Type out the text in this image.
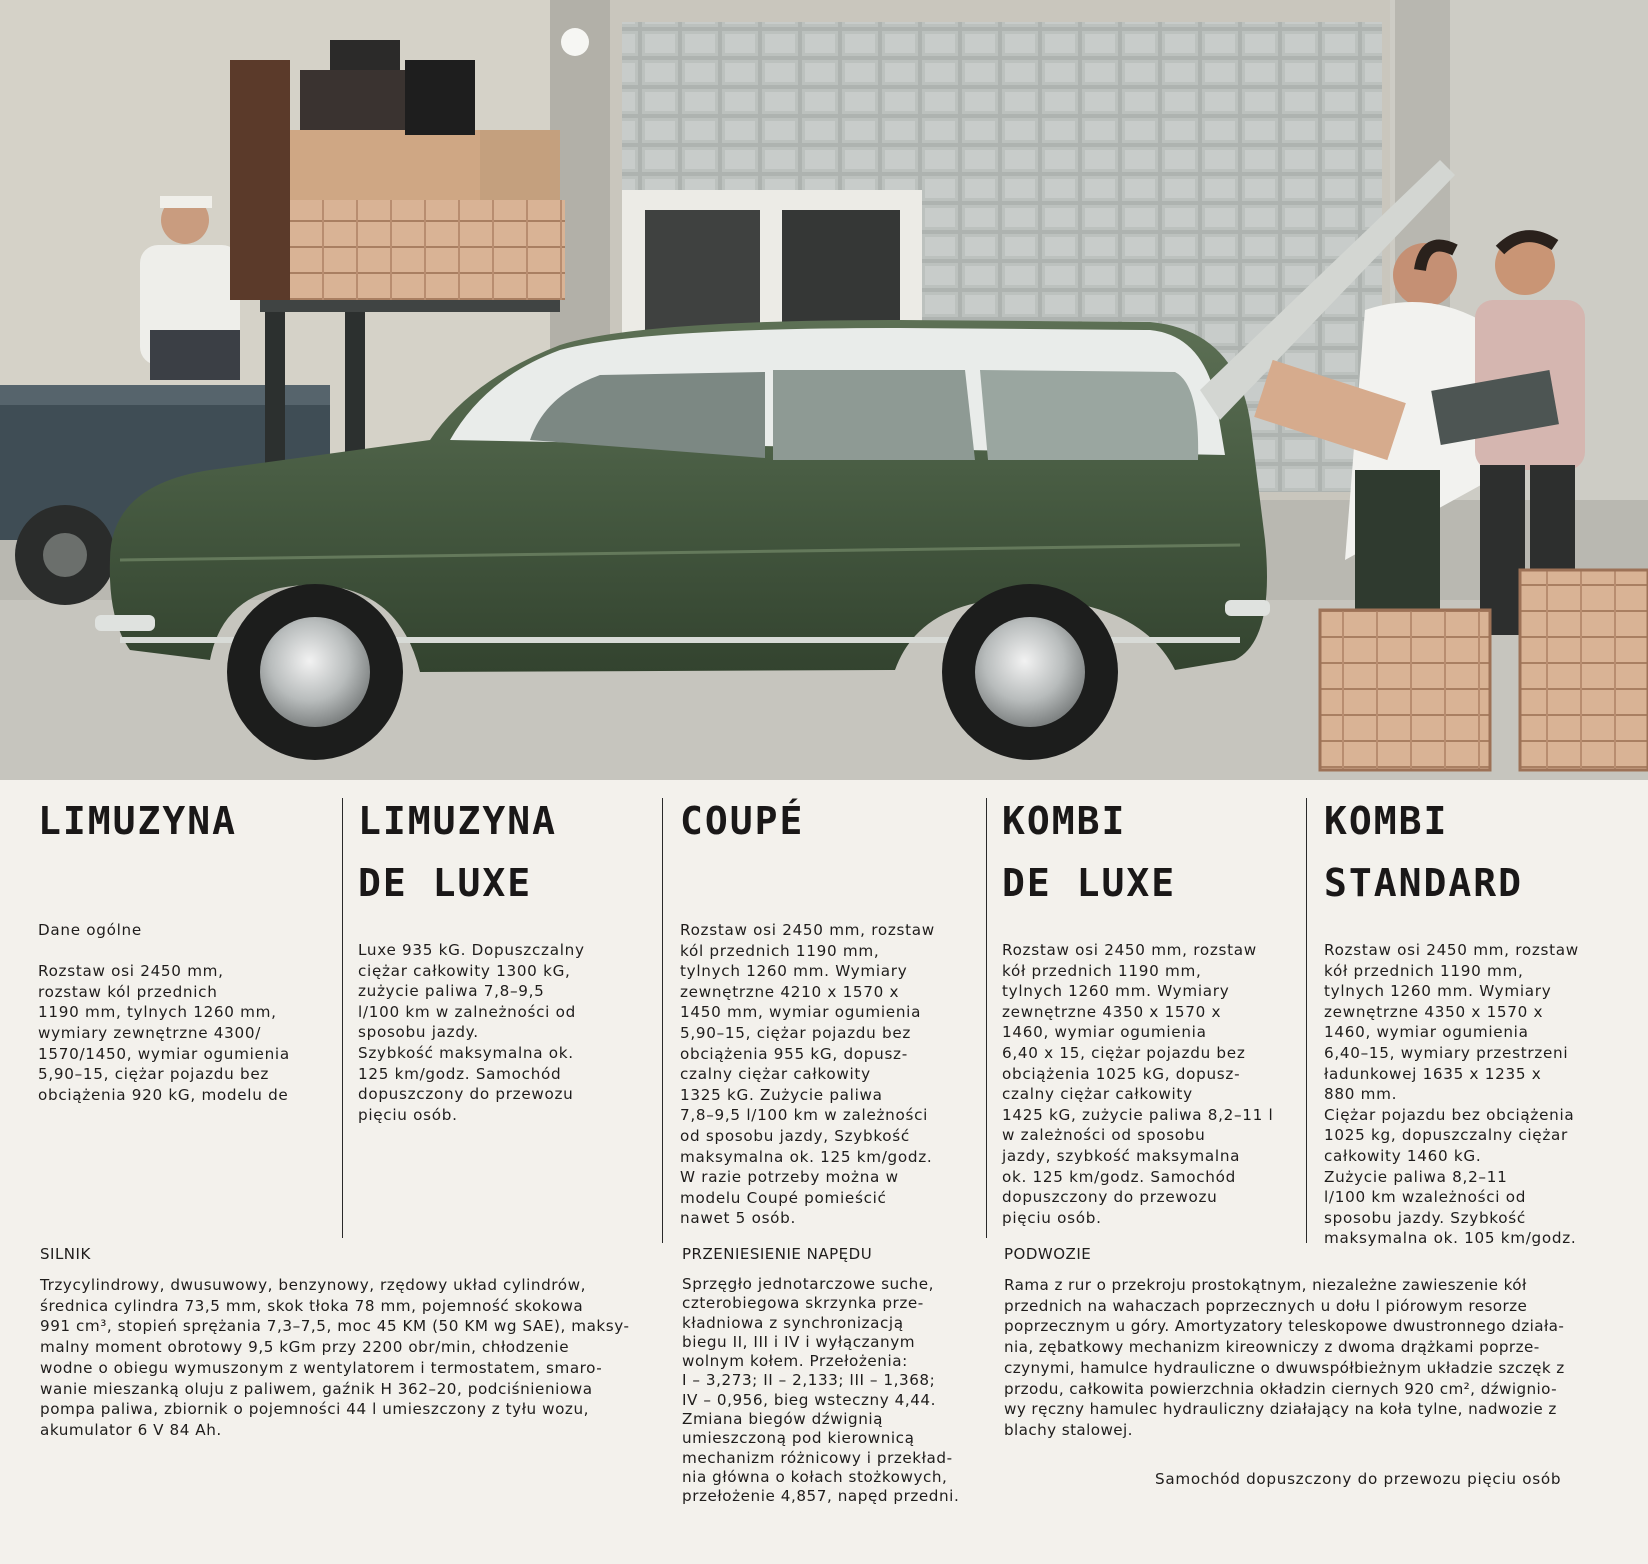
LIMUZYNA

Dane ogólne

Rozstaw osi 2450 mm,
rozstaw kól przednich
1190 mm, tylnych 1260 mm,
wymiary zewnętrzne 4300/
1570/1450, wymiar ogumienia
5,90–15, ciężar pojazdu bez
obciążenia 920 kG, modelu de

LIMUZYNA
DE LUXE

Luxe 935 kG. Dopuszczalny
ciężar całkowity 1300 kG,
zużycie paliwa 7,8–9,5
l/100 km w zalneżności od
sposobu jazdy.
Szybkość maksymalna ok.
125 km/godz. Samochód
dopuszczony do przewozu
pięciu osób.

COUPÉ

Rozstaw osi 2450 mm, rozstaw
kól przednich 1190 mm,
tylnych 1260 mm. Wymiary
zewnętrzne 4210 x 1570 x
1450 mm, wymiar ogumienia
5,90–15, ciężar pojazdu bez
obciążenia 955 kG, dopusz-
czalny ciężar całkowity
1325 kG. Zużycie paliwa
7,8–9,5 l/100 km w zależności
od sposobu jazdy, Szybkość
maksymalna ok. 125 km/godz.
W razie potrzeby można w
modelu Coupé pomieścić
nawet 5 osób.

KOMBI
DE LUXE

Rozstaw osi 2450 mm, rozstaw
kół przednich 1190 mm,
tylnych 1260 mm. Wymiary
zewnętrzne 4350 x 1570 x
1460, wymiar ogumienia
6,40 x 15, ciężar pojazdu bez
obciążenia 1025 kG, dopusz-
czalny ciężar całkowity
1425 kG, zużycie paliwa 8,2–11 l
w zależności od sposobu
jazdy, szybkość maksymalna
ok. 125 km/godz. Samochód
dopuszczony do przewozu
pięciu osób.

KOMBI
STANDARD

Rozstaw osi 2450 mm, rozstaw
kół przednich 1190 mm,
tylnych 1260 mm. Wymiary
zewnętrzne 4350 x 1570 x
1460, wymiar ogumienia
6,40–15, wymiary przestrzeni
ładunkowej 1635 x 1235 x
880 mm.
Ciężar pojazdu bez obciążenia
1025 kg, dopuszczalny ciężar
całkowity 1460 kG.
Zużycie paliwa 8,2–11
l/100 km wzależności od
sposobu jazdy. Szybkość
maksymalna ok. 105 km/godz.

SILNIK

Trzycylindrowy, dwusuwowy, benzynowy, rzędowy układ cylindrów,
średnica cylindra 73,5 mm, skok tłoka 78 mm, pojemność skokowa
991 cm³, stopień sprężania 7,3–7,5, moc 45 KM (50 KM wg SAE), maksy-
malny moment obrotowy 9,5 kGm przy 2200 obr/min, chłodzenie
wodne o obiegu wymuszonym z wentylatorem i termostatem, smaro-
wanie mieszanką oluju z paliwem, gaźnik H 362–20, podciśnieniowa
pompa paliwa, zbiornik o pojemności 44 l umieszczony z tyłu wozu,
akumulator 6 V 84 Ah.

PRZENIESIENIE NAPĘDU

Sprzęgło jednotarczowe suche,
czterobiegowa skrzynka prze-
kładniowa z synchronizacją
biegu II, III i IV i wyłączanym
wolnym kołem. Przełożenia:
I – 3,273; II – 2,133; III – 1,368;
IV – 0,956, bieg wsteczny 4,44.
Zmiana biegów dźwignią
umieszczoną pod kierownicą
mechanizm różnicowy i przekład-
nia główna o kołach stożkowych,
przełożenie 4,857, napęd przedni.

PODWOZIE

Rama z rur o przekroju prostokątnym, niezależne zawieszenie kół
przednich na wahaczach poprzecznych u dołu l piórowym resorze
poprzecznym u góry. Amortyzatory teleskopowe dwustronnego działa-
nia, zębatkowy mechanizm kireowniczy z dwoma drążkami poprze-
czynymi, hamulce hydrauliczne o dwuwspółbieżnym układzie szczęk z
przodu, całkowita powierzchnia okładzin ciernych 920 cm², dźwignio-
wy ręczny hamulec hydrauliczny działający na koła tylne, nadwozie z
blachy stalowej.

Samochód dopuszczony do przewozu pięciu osób
